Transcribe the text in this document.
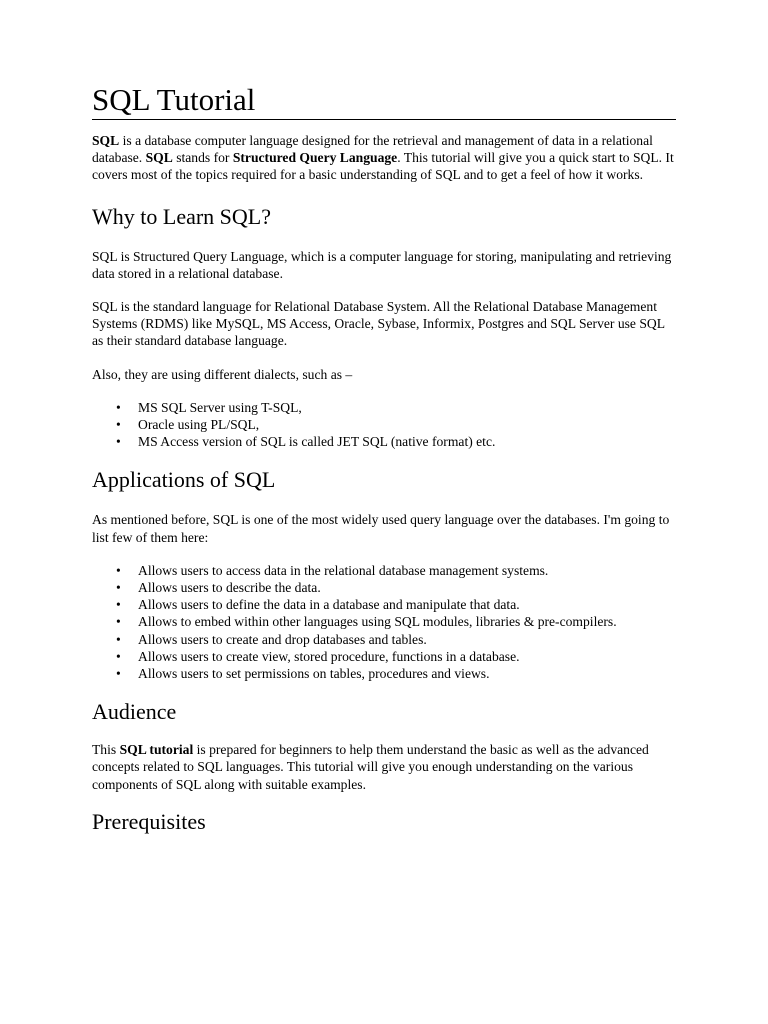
SQL Tutorial

SQL is a database computer language designed for the retrieval and management of data in a relational database. SQL stands for Structured Query Language. This tutorial will give you a quick start to SQL. It covers most of the topics required for a basic understanding of SQL and to get a feel of how it works.

Why to Learn SQL?

SQL is Structured Query Language, which is a computer language for storing, manipulating and retrieving data stored in a relational database.

SQL is the standard language for Relational Database System. All the Relational Database Management Systems (RDMS) like MySQL, MS Access, Oracle, Sybase, Informix, Postgres and SQL Server use SQL as their standard database language.

Also, they are using different dialects, such as –

• MS SQL Server using T-SQL,
• Oracle using PL/SQL,
• MS Access version of SQL is called JET SQL (native format) etc.
Applications of SQL

As mentioned before, SQL is one of the most widely used query language over the databases. I'm going to list few of them here:

• Allows users to access data in the relational database management systems.
• Allows users to describe the data.
• Allows users to define the data in a database and manipulate that data.
• Allows to embed within other languages using SQL modules, libraries & pre-compilers.
• Allows users to create and drop databases and tables.
• Allows users to create view, stored procedure, functions in a database.
• Allows users to set permissions on tables, procedures and views.
Audience

This SQL tutorial is prepared for beginners to help them understand the basic as well as the advanced concepts related to SQL languages. This tutorial will give you enough understanding on the various components of SQL along with suitable examples.

Prerequisites
